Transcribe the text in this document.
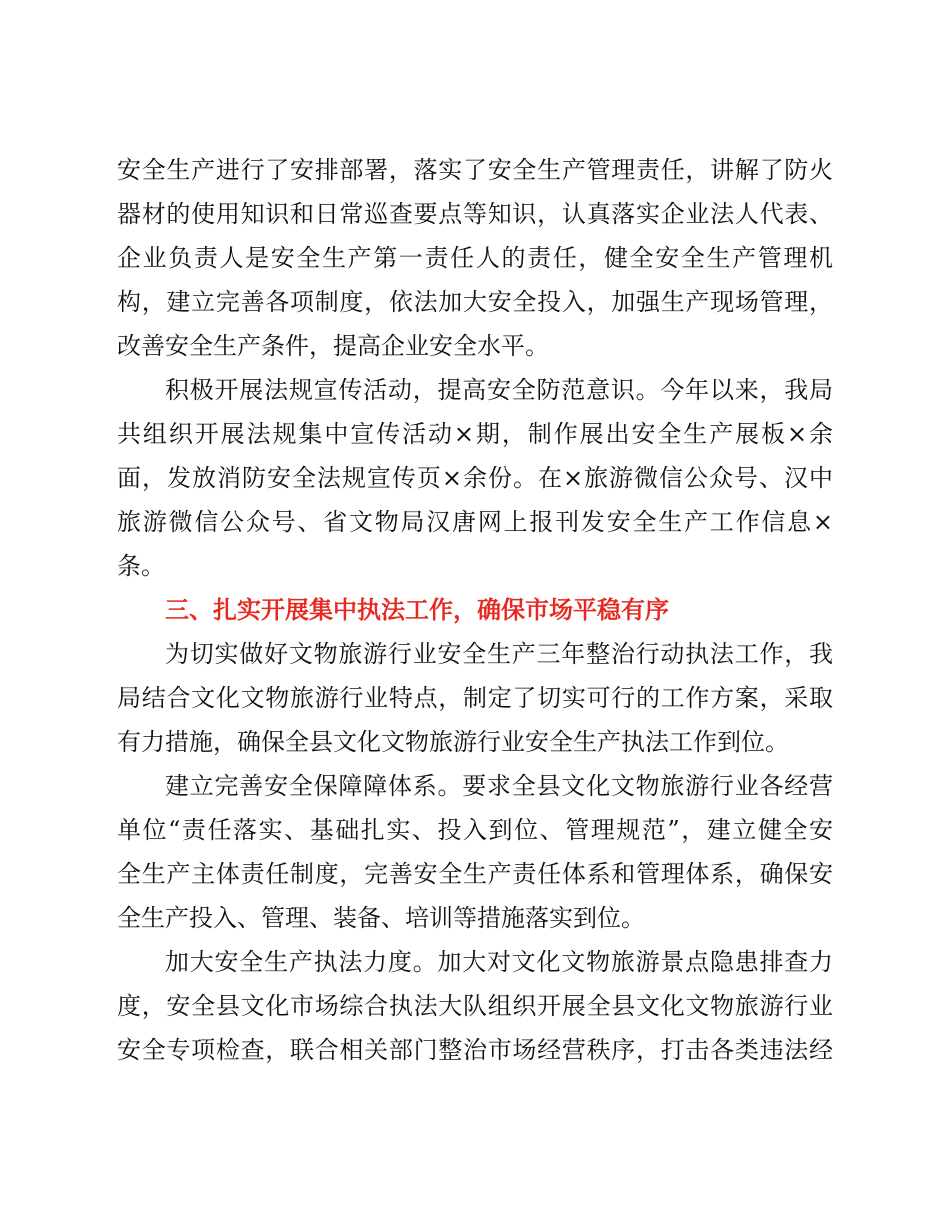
安全生产进行了安排部署，落实了安全生产管理责任，讲解了防火
器材的使用知识和日常巡查要点等知识，认真落实企业法人代表、
企业负责人是安全生产第一责任人的责任，健全安全生产管理机
构，建立完善各项制度，依法加大安全投入，加强生产现场管理，
改善安全生产条件，提高企业安全水平。
积极开展法规宣传活动，提高安全防范意识。今年以来，我局
共组织开展法规集中宣传活动×期，制作展出安全生产展板×余
面，发放消防安全法规宣传页×余份。在×旅游微信公众号、汉中
旅游微信公众号、省文物局汉唐网上报刊发安全生产工作信息×
条。
三、扎实开展集中执法工作，确保市场平稳有序
为切实做好文物旅游行业安全生产三年整治行动执法工作，我
局结合文化文物旅游行业特点，制定了切实可行的工作方案，采取
有力措施，确保全县文化文物旅游行业安全生产执法工作到位。
建立完善安全保障障体系。要求全县文化文物旅游行业各经营
单位“责任落实、基础扎实、投入到位、管理规范”，建立健全安
全生产主体责任制度，完善安全生产责任体系和管理体系，确保安
全生产投入、管理、装备、培训等措施落实到位。
加大安全生产执法力度。加大对文化文物旅游景点隐患排查力
度，安全县文化市场综合执法大队组织开展全县文化文物旅游行业
安全专项检查，联合相关部门整治市场经营秩序，打击各类违法经
